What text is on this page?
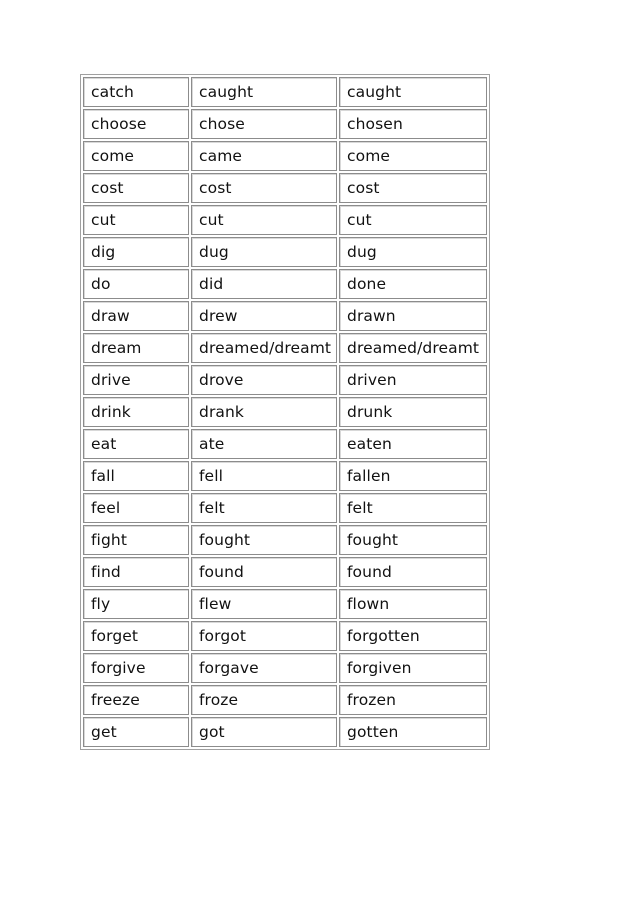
catch	caught	caught
choose	chose	chosen
come	came	come
cost	cost	cost
cut	cut	cut
dig	dug	dug
do	did	done
draw	drew	drawn
dream	dreamed/dreamt	dreamed/dreamt
drive	drove	driven
drink	drank	drunk
eat	ate	eaten
fall	fell	fallen
feel	felt	felt
fight	fought	fought
find	found	found
fly	flew	flown
forget	forgot	forgotten
forgive	forgave	forgiven
freeze	froze	frozen
get	got	gotten
